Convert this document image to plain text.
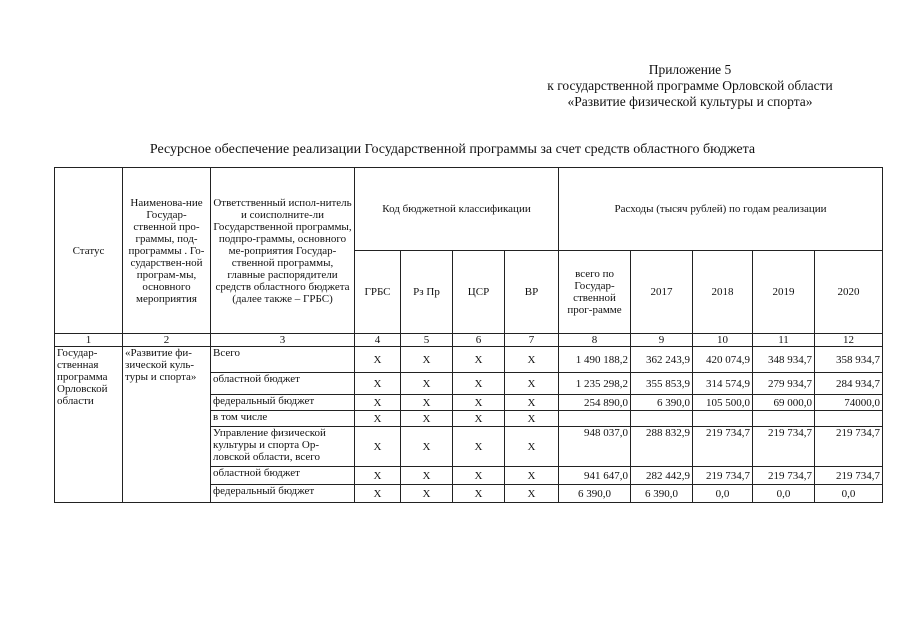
Приложение 5
к государственной программе Орловской области
«Развитие физической культуры и спорта»
Ресурсное обеспечение реализации Государственной программы за счет средств областного бюджета
Статус	Наименова-ние Государ-ственной про-граммы, под-программы . Го-сударствен-ной програм-мы, основного мероприятия	Ответственный испол-нитель и соисполните-ли Государственной программы, подпро-граммы, основного ме-роприятия Государ-ственной программы, главные распорядители средств областного бюджета (далее также – ГРБС)	Код бюджетной классификации				Расходы (тысяч рублей) по годам реализации				
			ГРБС	Рз Пр	ЦСР	ВР	всего по Государ-ственной прог-рамме	2017	2018	2019	2020
1	2	3	4	5	6	7	8	9	10	11	12
Государ-ственная программа Орловской области	«Развитие фи-зической куль-туры и спорта»	Всего	Х	Х	Х	Х	1 490 188,2	362 243,9	420 074,9	348 934,7	358 934,7
		областной бюджет	Х	Х	Х	Х	1 235 298,2	355 853,9	314 574,9	279 934,7	284 934,7
		федеральный бюджет	Х	Х	Х	Х	254 890,0	6 390,0	105 500,0	69 000,0	74000,0
		в том числе	Х	Х	Х	Х					
		Управление физической культуры и спорта Ор-ловской области, всего	Х	Х	Х	Х	948 037,0	288 832,9	219 734,7	219 734,7	219 734,7
		областной бюджет	Х	Х	Х	Х	941 647,0	282 442,9	219 734,7	219 734,7	219 734,7
		федеральный бюджет	Х	Х	Х	Х	6 390,0	6 390,0	0,0	0,0	0,0
